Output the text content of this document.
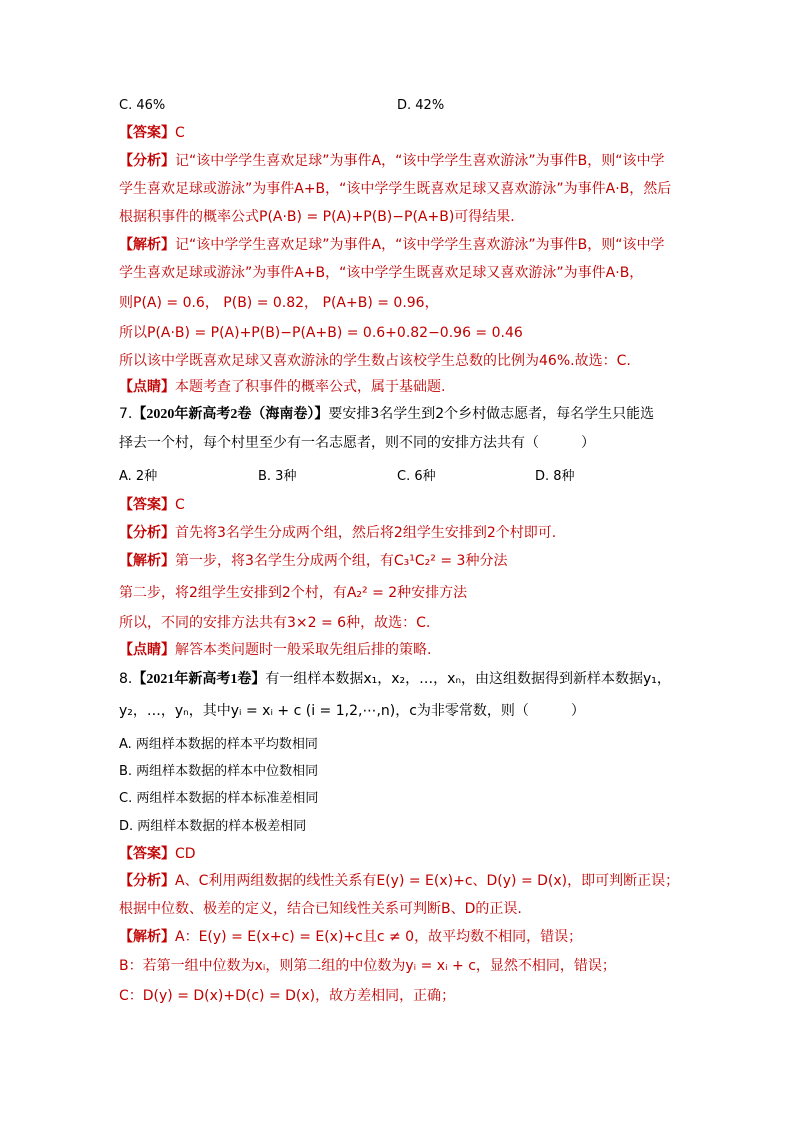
C. 46%	D. 42%
【答案】C
【分析】记“该中学学生喜欢足球”为事件A，“该中学学生喜欢游泳”为事件B，则“该中学
学生喜欢足球或游泳”为事件A+B，“该中学学生既喜欢足球又喜欢游泳”为事件A·B，然后
根据积事件的概率公式P(A·B) = P(A)+P(B)−P(A+B)可得结果.
【解析】记“该中学学生喜欢足球”为事件A，“该中学学生喜欢游泳”为事件B，则“该中学
学生喜欢足球或游泳”为事件A+B，“该中学学生既喜欢足球又喜欢游泳”为事件A·B，
则P(A) = 0.6， P(B) = 0.82， P(A+B) = 0.96，
所以P(A·B) = P(A)+P(B)−P(A+B) = 0.6+0.82−0.96 = 0.46
所以该中学既喜欢足球又喜欢游泳的学生数占该校学生总数的比例为46%.故选：C.
【点睛】本题考查了积事件的概率公式，属于基础题.
7.【2020年新高考2卷（海南卷）】要安排3名学生到2个乡村做志愿者，每名学生只能选
择去一个村，每个村里至少有一名志愿者，则不同的安排方法共有（　　　）
A. 2种	B. 3种	C. 6种	D. 8种
【答案】C
【分析】首先将3名学生分成两个组，然后将2组学生安排到2个村即可.
【解析】第一步，将3名学生分成两个组，有C₃¹C₂² = 3种分法
第二步，将2组学生安排到2个村，有A₂² = 2种安排方法
所以，不同的安排方法共有3×2 = 6种，故选：C.
【点睛】解答本类问题时一般采取先组后排的策略.
8.【2021年新高考1卷】有一组样本数据x₁，x₂，…，xₙ，由这组数据得到新样本数据y₁，
y₂，…，yₙ，其中yᵢ = xᵢ + c (i = 1,2,⋯,n)，c为非零常数，则（　　　）
A. 两组样本数据的样本平均数相同
B. 两组样本数据的样本中位数相同
C. 两组样本数据的样本标准差相同
D. 两组样本数据的样本极差相同
【答案】CD
【分析】A、C利用两组数据的线性关系有E(y) = E(x)+c、D(y) = D(x)，即可判断正误；
根据中位数、极差的定义，结合已知线性关系可判断B、D的正误.
【解析】A：E(y) = E(x+c) = E(x)+c且c ≠ 0，故平均数不相同，错误；
B：若第一组中位数为xᵢ，则第二组的中位数为yᵢ = xᵢ + c，显然不相同，错误；
C：D(y) = D(x)+D(c) = D(x)，故方差相同，正确；
